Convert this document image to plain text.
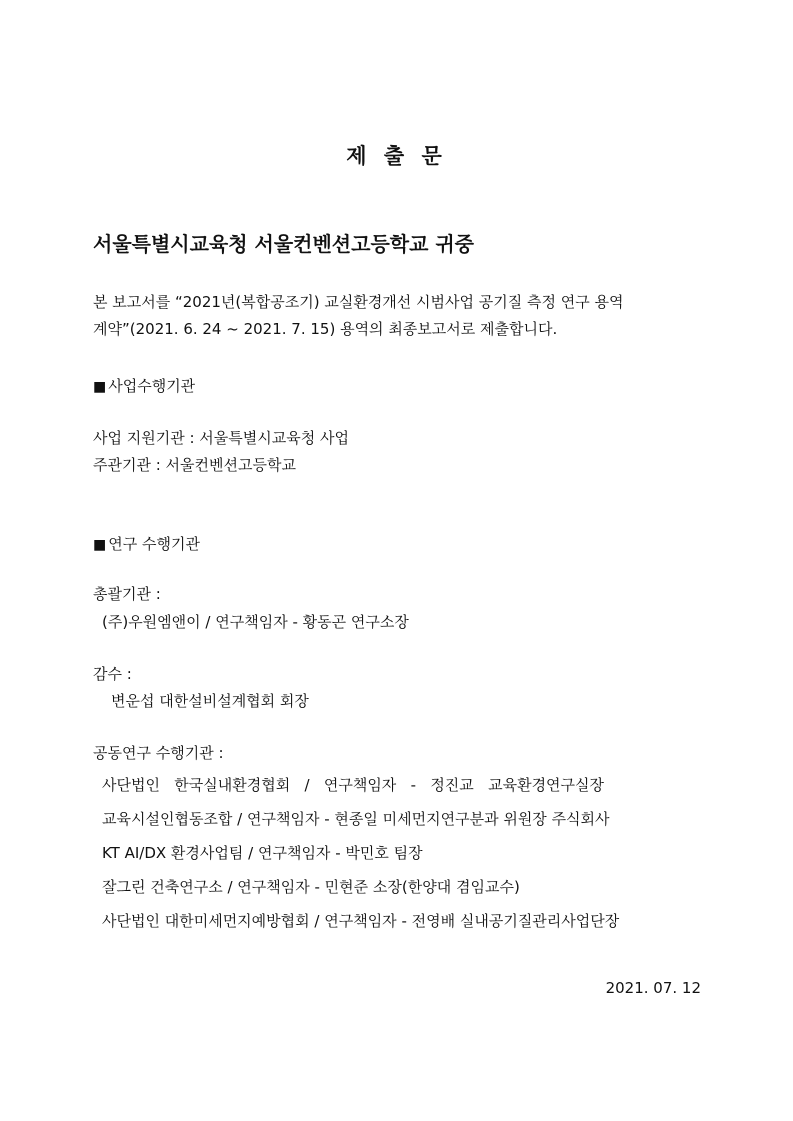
제 출 문
서울특별시교육청 서울컨벤션고등학교 귀중
본 보고서를 “2021년(복합공조기) 교실환경개선 시범사업 공기질 측정 연구 용역
계약”(2021. 6. 24 ~ 2021. 7. 15) 용역의 최종보고서로 제출합니다.
■ 사업수행기관
사업 지원기관 : 서울특별시교육청 사업
주관기관 : 서울컨벤션고등학교
■ 연구 수행기관
총괄기관 :
(주)우원엠앤이 / 연구책임자 - 황동곤 연구소장
감수 :
변운섭 대한설비설계협회 회장
공동연구 수행기관 :
사단법인   한국실내환경협회   /   연구책임자   -   정진교   교육환경연구실장
교육시설인협동조합 / 연구책임자 - 현종일 미세먼지연구분과 위원장 주식회사
KT AI/DX 환경사업팀 / 연구책임자 - 박민호 팀장
잘그린 건축연구소 / 연구책임자 - 민현준 소장(한양대 겸임교수)
사단법인 대한미세먼지예방협회 / 연구책임자 - 전영배 실내공기질관리사업단장
2021. 07. 12
